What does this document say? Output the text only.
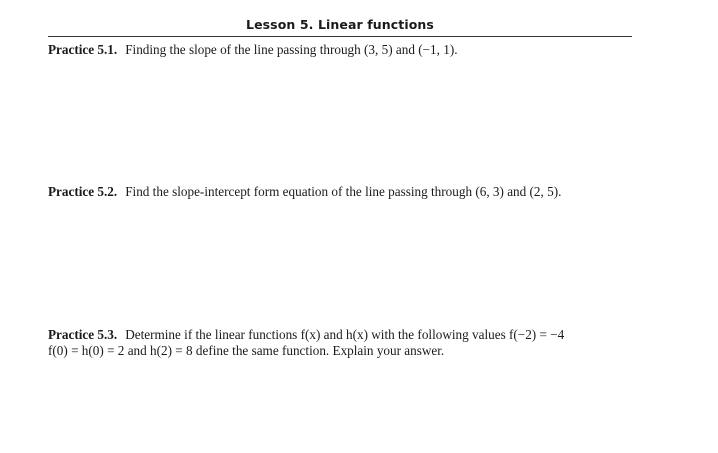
Lesson 5. Linear functions
Practice 5.1. Finding the slope of the line passing through (3, 5) and (−1, 1).
Practice 5.2. Find the slope-intercept form equation of the line passing through (6, 3) and (2, 5).
Practice 5.3. Determine if the linear functions f(x) and h(x) with the following values f(−2) = −4
f(0) = h(0) = 2 and h(2) = 8 define the same function. Explain your answer.
